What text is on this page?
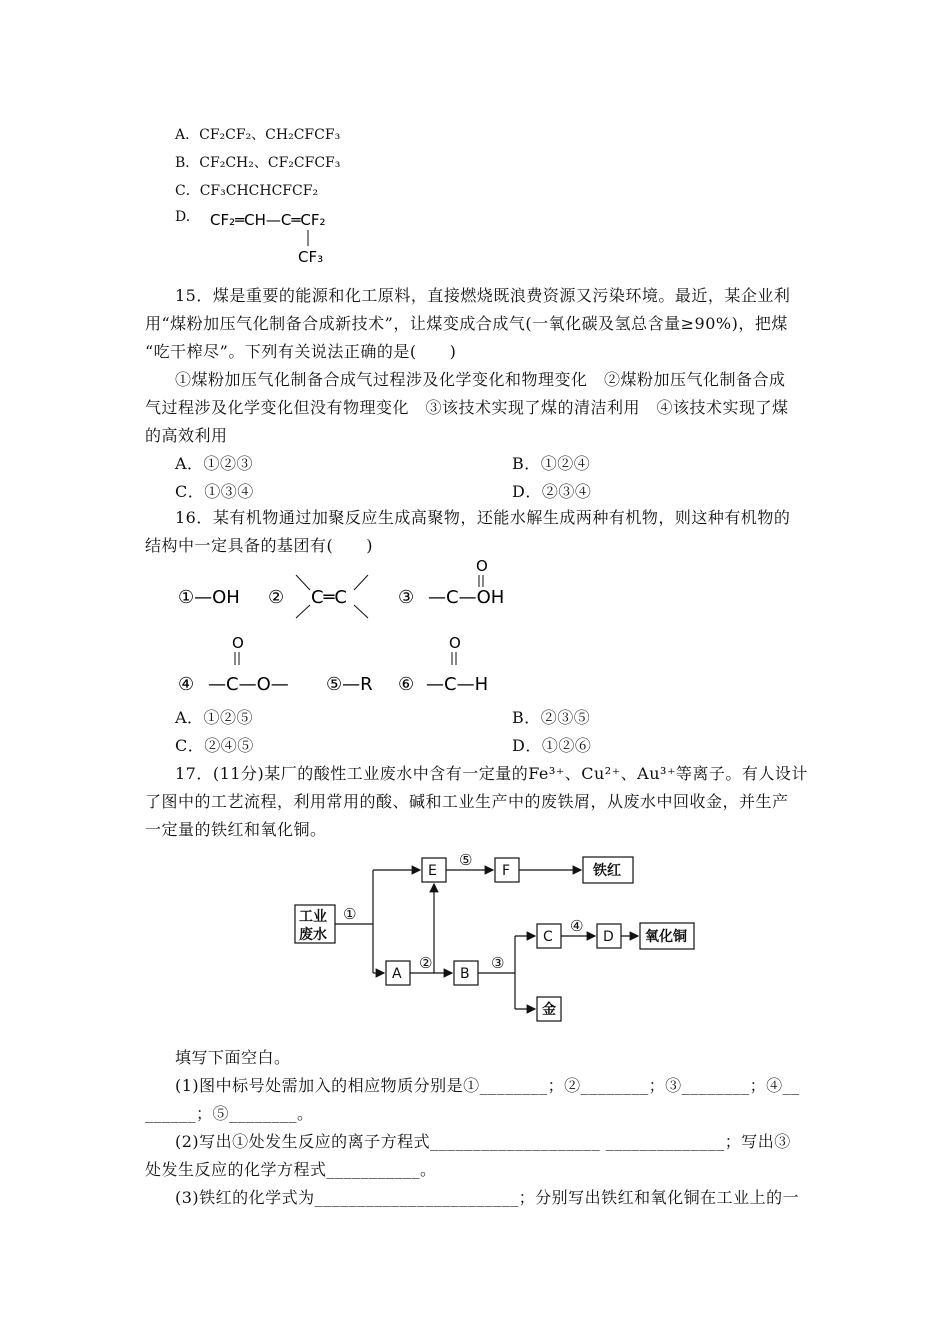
A．CF₂CF₂、CH₂CFCF₃
B．CF₂CH₂、CF₂CFCF₃
C．CF₃CHCHCFCF₂
D. CF₂═CH—C═CF₂
CF₃
15．煤是重要的能源和化工原料，直接燃烧既浪费资源又污染环境。最近，某企业利
用“煤粉加压气化制备合成新技术”，让煤变成合成气(一氧化碳及氢总含量≥90%)，把煤
“吃干榨尽”。下列有关说法正确的是(　　)
①煤粉加压气化制备合成气过程涉及化学变化和物理变化　②煤粉加压气化制备合成
气过程涉及化学变化但没有物理变化　③该技术实现了煤的清洁利用　④该技术实现了煤
的高效利用
A．①②③	B．①②④
C．①③④	D．②③④
16．某有机物通过加聚反应生成高聚物，还能水解生成两种有机物，则这种有机物的
结构中一定具备的基团有(　　)
①—OH ② C═C	③
O
—C—OH
O
④ —C—O— ⑤—R
O
⑥ —C—H
A．①②⑤	B．②③⑤
C．②④⑤	D．①②⑥
17．(11分)某厂的酸性工业废水中含有一定量的Fe³⁺、Cu²⁺、Au³⁺等离子。有人设计
了图中的工艺流程，利用常用的酸、碱和工业生产中的废铁屑，从废水中回收金，并生产
一定量的铁红和氧化铜。
工业
废水
E	F	铁红
A	B
C	D 氧化铜
金
①
②	③
④
⑤
填写下面空白。
(1)图中标号处需加入的相应物质分别是①________；②________；③________；④__
______；⑤________。
(2)写出①处发生反应的离子方程式____________________ ______________；写出③
处发生反应的化学方程式___________。
(3)铁红的化学式为________________________；分别写出铁红和氧化铜在工业上的一
